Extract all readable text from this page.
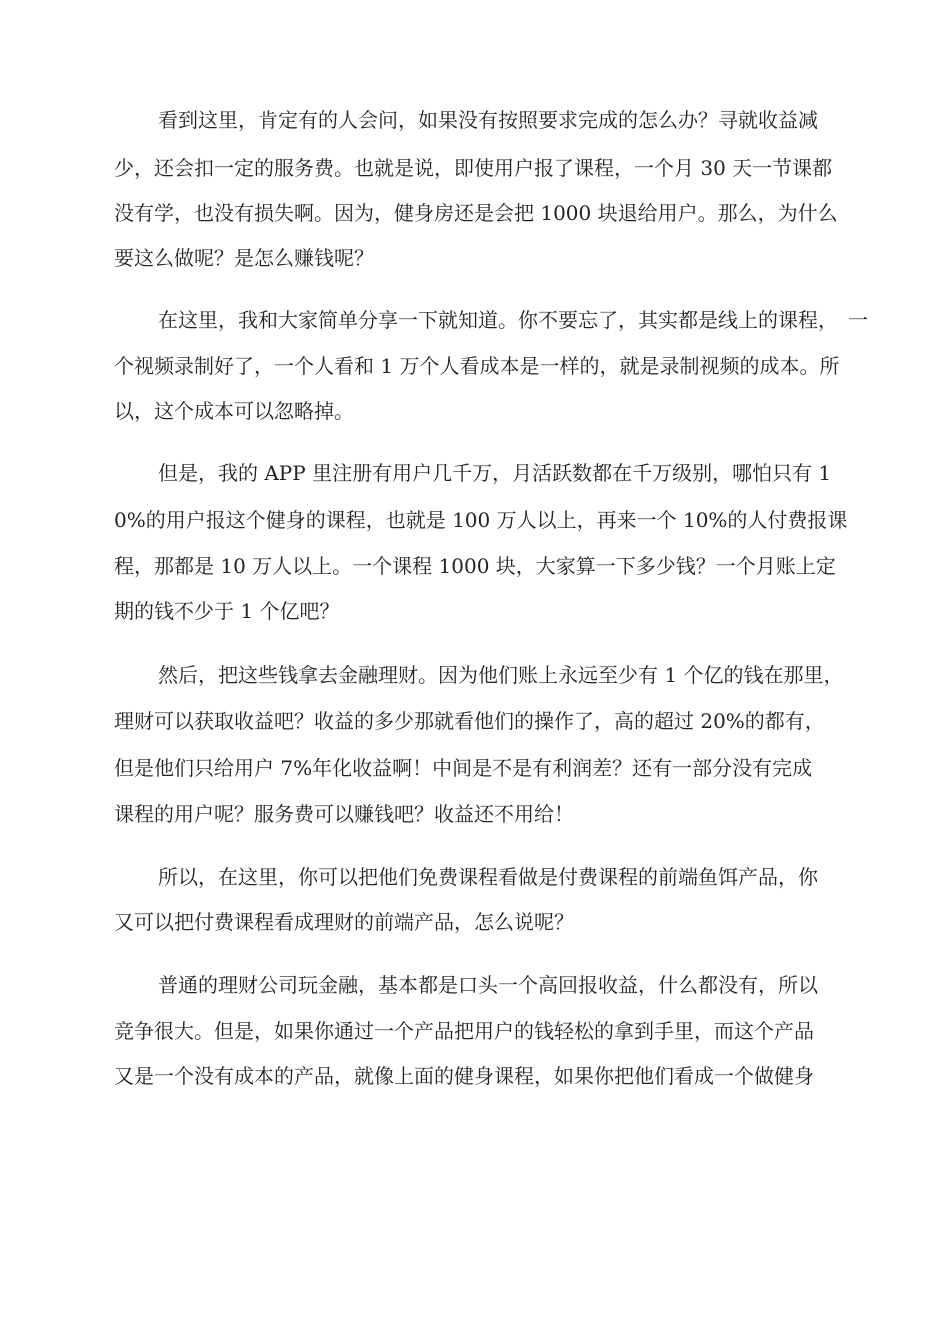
看到这里，肯定有的人会问，如果没有按照要求完成的怎么办？寻就收益减
少，还会扣一定的服务费。也就是说，即使用户报了课程，一个月 30 天一节课都
没有学，也没有损失啊。因为，健身房还是会把 1000 块退给用户。那么，为什么
要这么做呢？是怎么赚钱呢？
在这里，我和大家简单分享一下就知道。你不要忘了，其实都是线上的课程，　一
个视频录制好了，一个人看和 1 万个人看成本是一样的，就是录制视频的成本。所
以，这个成本可以忽略掉。
但是，我的 APP 里注册有用户几千万，月活跃数都在千万级别，哪怕只有 1
0%的用户报这个健身的课程，也就是 100 万人以上，再来一个 10%的人付费报课
程，那都是 10 万人以上。一个课程 1000 块，大家算一下多少钱？一个月账上定
期的钱不少于 1 个亿吧？
然后，把这些钱拿去金融理财。因为他们账上永远至少有 1 个亿的钱在那里，
理财可以获取收益吧？收益的多少那就看他们的操作了，高的超过 20%的都有，
但是他们只给用户 7%年化收益啊！中间是不是有利润差？还有一部分没有完成
课程的用户呢？服务费可以赚钱吧？收益还不用给！
所以，在这里，你可以把他们免费课程看做是付费课程的前端鱼饵产品，你
又可以把付费课程看成理财的前端产品，怎么说呢？
普通的理财公司玩金融，基本都是口头一个高回报收益，什么都没有，所以
竞争很大。但是，如果你通过一个产品把用户的钱轻松的拿到手里，而这个产品
又是一个没有成本的产品，就像上面的健身课程，如果你把他们看成一个做健身
